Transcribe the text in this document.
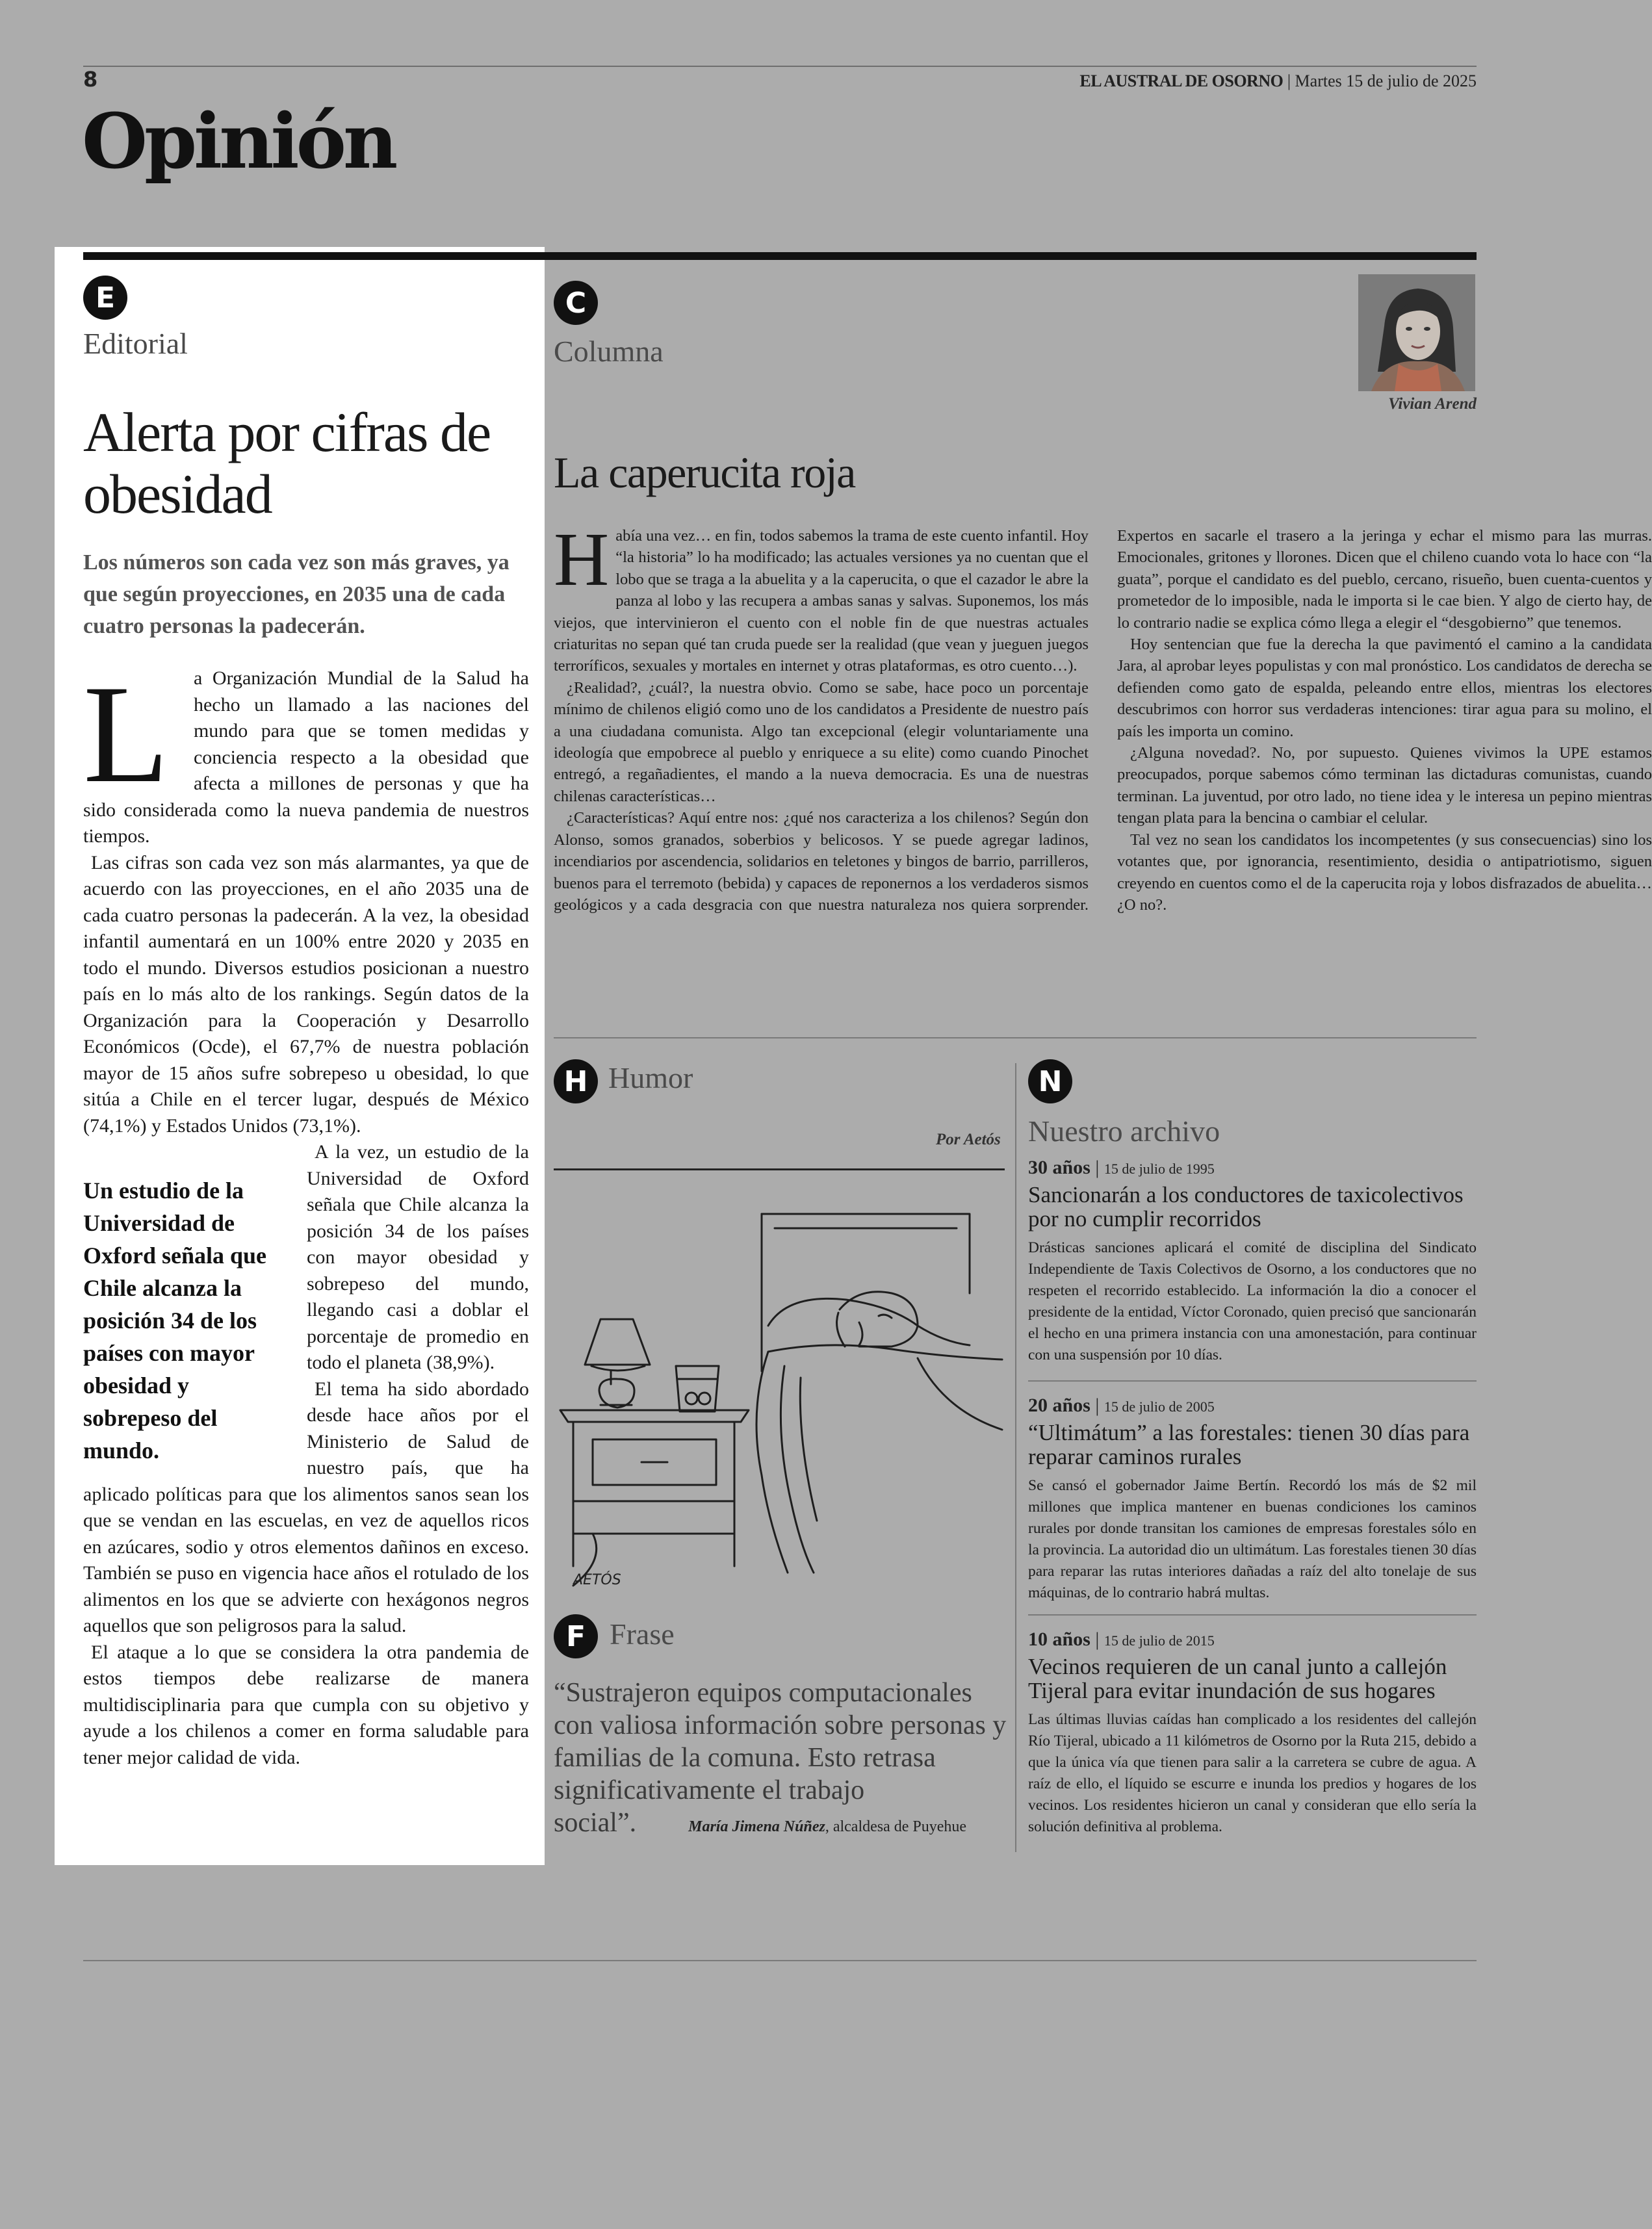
8	EL AUSTRAL DE OSORNO | Martes 15 de julio de 2025
Opinión
E
Editorial
Alerta por cifras de obesidad

Los números son cada vez son más graves, ya que según proyecciones, en 2035 una de cada cuatro personas la padecerán.

L	a Organización Mundial de la Salud ha hecho un llamado a las naciones del mundo para que se tomen medidas y conciencia respecto a la obesidad que afecta a millones de personas y que ha sido considerada como la nueva pandemia de nuestros tiempos.

Las cifras son cada vez son más alarmantes, ya que de acuerdo con las proyecciones, en el año 2035 una de cada cuatro personas la padecerán. A la vez, la obesidad infantil aumentará en un 100% entre 2020 y 2035 en todo el mundo. Diversos estudios posicionan a nuestro país en lo más alto de los rankings. Según datos de la Organización para la Cooperación y Desarrollo Económicos (Ocde), el 67,7% de nuestra población mayor de 15 años sufre sobrepeso u obesidad, lo que sitúa a Chile en el tercer lugar, después de México (74,1%) y Estados Unidos (73,1%).

Un estudio de la Universidad de Oxford señala que Chile alcanza la posición 34 de los países con mayor obesidad y sobrepeso del mundo.

A la vez, un estudio de la Universidad de Oxford señala que Chile alcanza la posición 34 de los países con mayor obesidad y sobrepeso del mundo, llegando casi a doblar el porcentaje de promedio en todo el planeta (38,9%).

El tema ha sido abordado desde hace años por el Ministerio de Salud de nuestro país, que ha aplicado políticas para que los alimentos sanos sean los que se vendan en las escuelas, en vez de aquellos ricos en azúcares, sodio y otros elementos dañinos en exceso. También se puso en vigencia hace años el rotulado de los alimentos en los que se advierte con hexágonos negros aquellos que son peligrosos para la salud.

El ataque a lo que se considera la otra pandemia de estos tiempos debe realizarse de manera multidisciplinaria para que cumpla con su objetivo y ayude a los chilenos a comer en forma saludable para tener mejor calidad de vida.

C
Columna
Vivian Arend
La caperucita roja
H abía una vez… en fin, todos sabemos la trama de este cuento infantil. Hoy “la historia” lo ha modificado; las actuales versiones ya no cuentan que el lobo que se traga a la abuelita y a la caperucita, o que el cazador le abre la panza al lobo y las recupera a ambas sanas y salvas. Suponemos, los más viejos, que intervinieron el cuento con el noble fin de que nuestras actuales criaturitas no sepan qué tan cruda puede ser la realidad (que vean y jueguen juegos terroríficos, sexuales y mortales en internet y otras plataformas, es otro cuento…).

¿Realidad?, ¿cuál?, la nuestra obvio. Como se sabe, hace poco un porcentaje mínimo de chilenos eligió como uno de los candidatos a Presidente de nuestro país a una ciudadana comunista. Algo tan excepcional (elegir voluntariamente una ideología que empobrece al pueblo y enriquece a su elite) como cuando Pinochet entregó, a regañadientes, el mando a la nueva democracia. Es una de nuestras chilenas características…

¿Características? Aquí entre nos: ¿qué nos caracteriza a los chilenos? Según don Alonso, somos granados, soberbios y belicosos. Y se puede agregar ladinos, incendiarios por ascendencia, solidarios en teletones y bingos de barrio, parrilleros, buenos para el terremoto (bebida) y capaces de reponernos a los verdaderos sismos geológicos y a cada desgracia con que nuestra naturaleza nos quiera sorprender. Expertos en sacarle el trasero a la jeringa y echar el mismo para las murras. Emocionales, gritones y llorones. Dicen que el chileno cuando vota lo hace con “la guata”, porque el candidato es del pueblo, cercano, risueño, buen cuenta-cuentos y prometedor de lo imposible, nada le importa si le cae bien. Y algo de cierto hay, de lo contrario nadie se explica cómo llega a elegir el “desgobierno” que tenemos.

Hoy sentencian que fue la derecha la que pavimentó el camino a la candidata Jara, al aprobar leyes populistas y con mal pronóstico. Los candidatos de derecha se defienden como gato de espalda, peleando entre ellos, mientras los electores descubrimos con horror sus verdaderas intenciones: tirar agua para su molino, el país les importa un comino.

¿Alguna novedad?. No, por supuesto. Quienes vivimos la UPE estamos preocupados, porque sabemos cómo terminan las dictaduras comunistas, cuando terminan. La juventud, por otro lado, no tiene idea y le interesa un pepino mientras tengan plata para la bencina o cambiar el celular.

Tal vez no sean los candidatos los incompetentes (y sus consecuencias) sino los votantes que, por ignorancia, resentimiento, desidia o antipatriotismo, siguen creyendo en cuentos como el de la caperucita roja y lobos disfrazados de abuelita… ¿O no?.

H Humor
Por Aetós
AETÓS
F Frase
“Sustrajeron equipos computacionales con valiosa información sobre personas y familias de la comuna. Esto retrasa significativamente el trabajo social”.	María Jimena Núñez, alcaldesa de Puyehue
N
Nuestro archivo
30 años | 15 de julio de 1995
Sancionarán a los conductores de taxicolectivos por no cumplir recorridos
Drásticas sanciones aplicará el comité de disciplina del Sindicato Independiente de Taxis Colectivos de Osorno, a los conductores que no respeten el recorrido establecido. La información la dio a conocer el presidente de la entidad, Víctor Coronado, quien precisó que sancionarán el hecho en una primera instancia con una amonestación, para continuar con una suspensión por 10 días.
20 años | 15 de julio de 2005
“Ultimátum” a las forestales: tienen 30 días para reparar caminos rurales
Se cansó el gobernador Jaime Bertín. Recordó los más de $2 mil millones que implica mantener en buenas condiciones los caminos rurales por donde transitan los camiones de empresas forestales sólo en la provincia. La autoridad dio un ultimátum. Las forestales tienen 30 días para reparar las rutas interiores dañadas a raíz del alto tonelaje de sus máquinas, de lo contrario habrá multas.
10 años | 15 de julio de 2015
Vecinos requieren de un canal junto a callejón Tijeral para evitar inundación de sus hogares
Las últimas lluvias caídas han complicado a los residentes del callejón Río Tijeral, ubicado a 11 kilómetros de Osorno por la Ruta 215, debido a que la única vía que tienen para salir a la carretera se cubre de agua. A raíz de ello, el líquido se escurre e inunda los predios y hogares de los vecinos. Los residentes hicieron un canal y consideran que ello sería la solución definitiva al problema.
